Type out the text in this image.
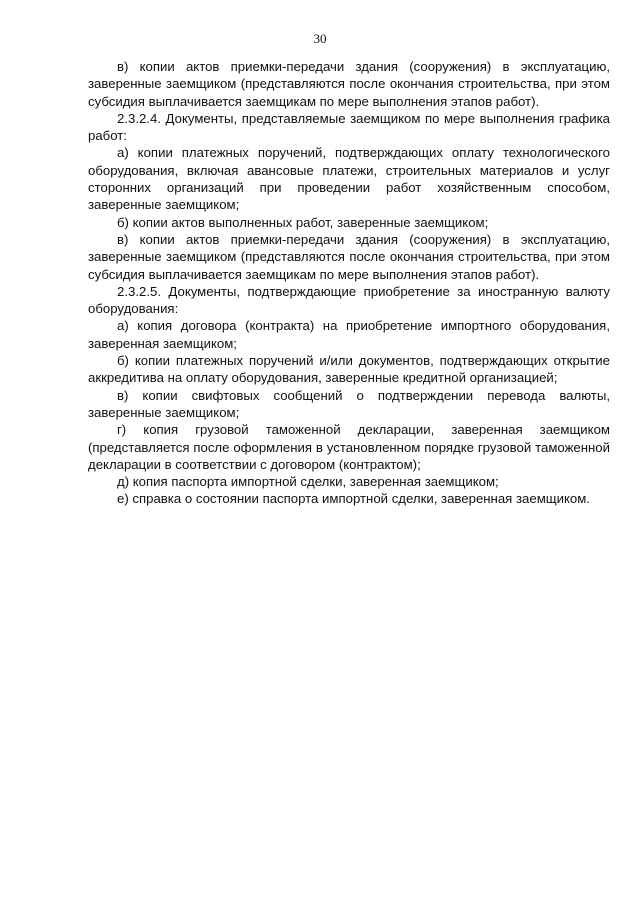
30

в) копии актов приемки-передачи здания (сооружения) в эксплуатацию, заверенные заемщиком (представляются после окончания строительства, при этом субсидия выплачивается заемщикам по мере выполнения этапов работ).

2.3.2.4. Документы, представляемые заемщиком по мере выполнения графика работ:

а) копии платежных поручений, подтверждающих оплату технологического оборудования, включая авансовые платежи, строительных материалов и услуг сторонних организаций при проведении работ хозяйственным способом, заверенные заемщиком;

б) копии актов выполненных работ, заверенные заемщиком;

в) копии актов приемки-передачи здания (сооружения) в эксплуатацию, заверенные заемщиком (представляются после окончания строительства, при этом субсидия выплачивается заемщикам по мере выполнения этапов работ).

2.3.2.5. Документы, подтверждающие приобретение за иностранную валюту оборудования:

а) копия договора (контракта) на приобретение импортного оборудования, заверенная заемщиком;

б) копии платежных поручений и/или документов, подтверждающих открытие аккредитива на оплату оборудования, заверенные кредитной организацией;

в) копии свифтовых сообщений о подтверждении перевода валюты, заверенные заемщиком;

г) копия грузовой таможенной декларации, заверенная заемщиком (представляется после оформления в установленном порядке грузовой таможенной декларации в соответствии с договором (контрактом);

д) копия паспорта импортной сделки, заверенная заемщиком;

е) справка о состоянии паспорта импортной сделки, заверенная заемщиком.
